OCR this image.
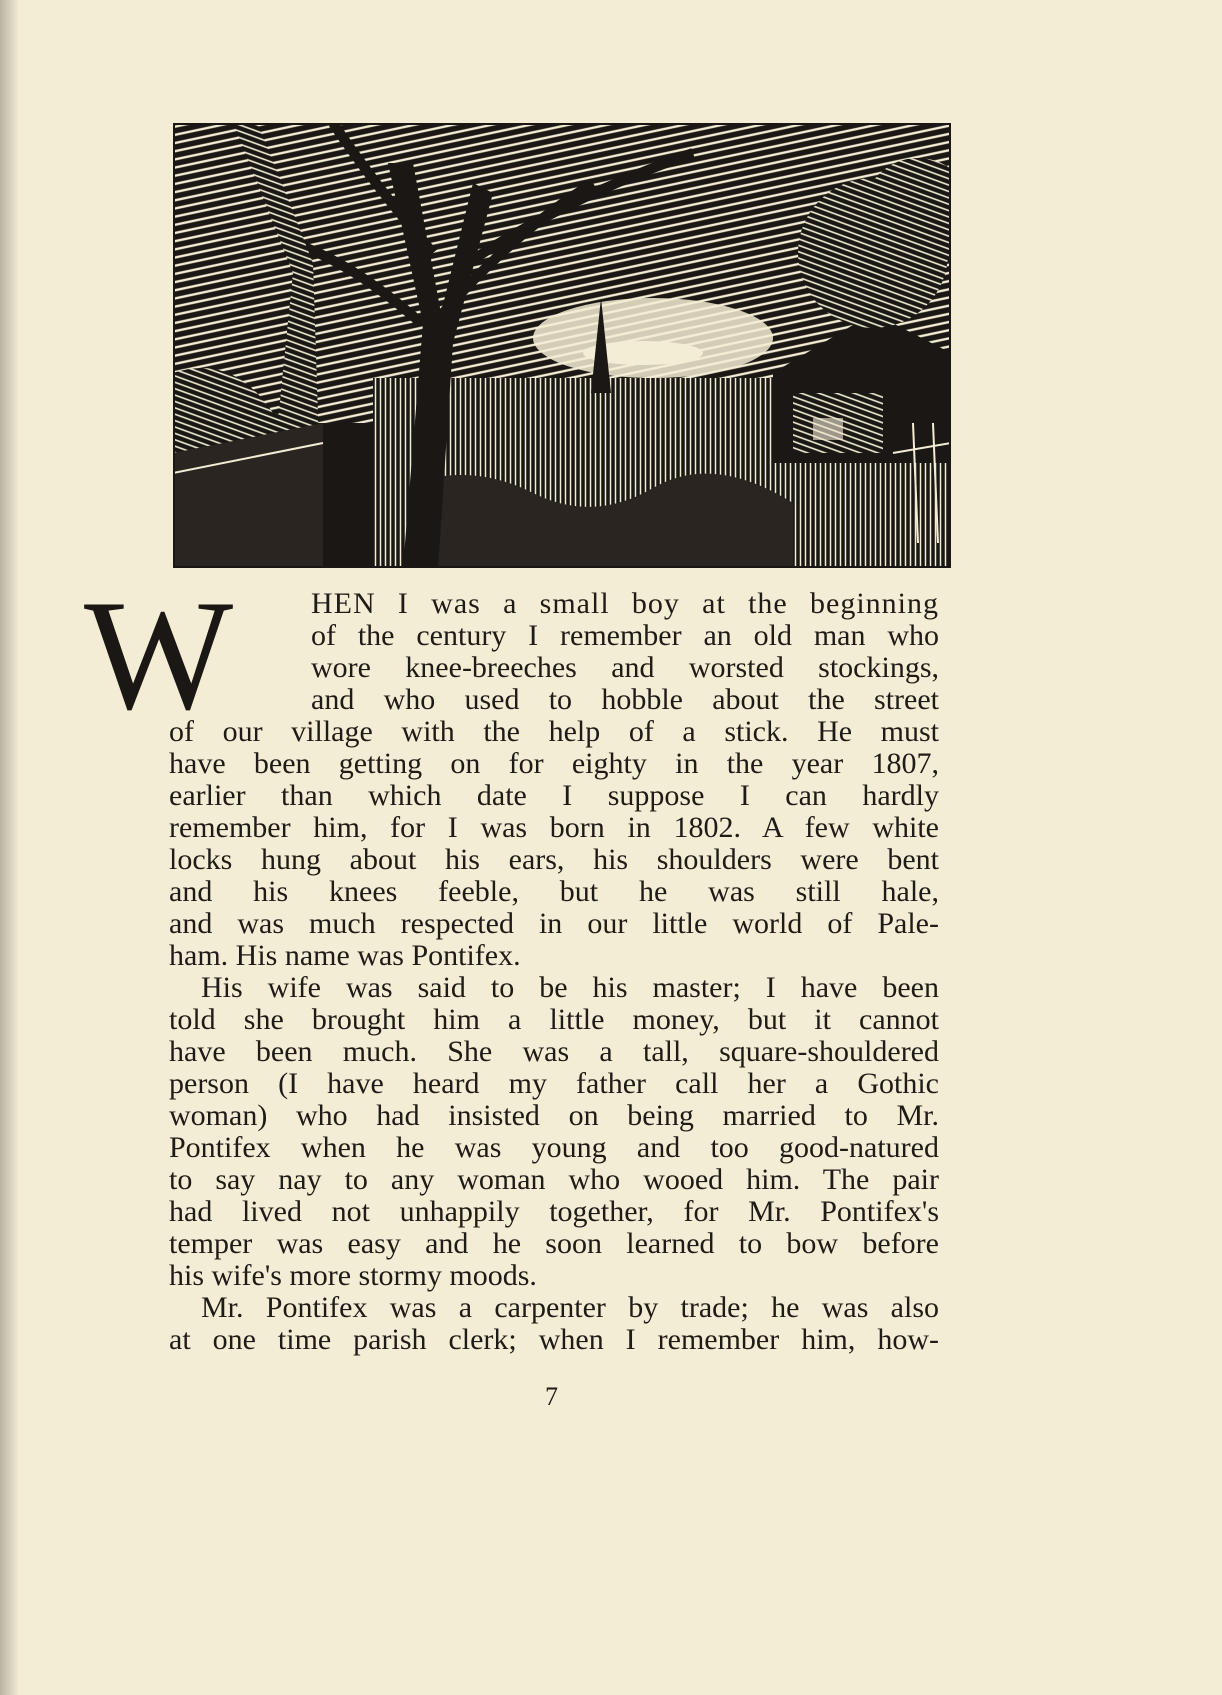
W	HEN I was a small boy at the beginning
of the century I remember an old man who
wore knee-breeches and worsted stockings,
and who used to hobble about the street
of our village with the help of a stick. He must
have been getting on for eighty in the year 1807,
earlier than which date I suppose I can hardly
remember him, for I was born in 1802. A few white
locks hung about his ears, his shoulders were bent
and his knees feeble, but he was still hale,
and was much respected in our little world of Pale-
ham. His name was Pontifex.
His wife was said to be his master; I have been
told she brought him a little money, but it cannot
have been much. She was a tall, square-shouldered
person (I have heard my father call her a Gothic
woman) who had insisted on being married to Mr.
Pontifex when he was young and too good-natured
to say nay to any woman who wooed him. The pair
had lived not unhappily together, for Mr. Pontifex's
temper was easy and he soon learned to bow before
his wife's more stormy moods.
Mr. Pontifex was a carpenter by trade; he was also
at one time parish clerk; when I remember him, how-
7
